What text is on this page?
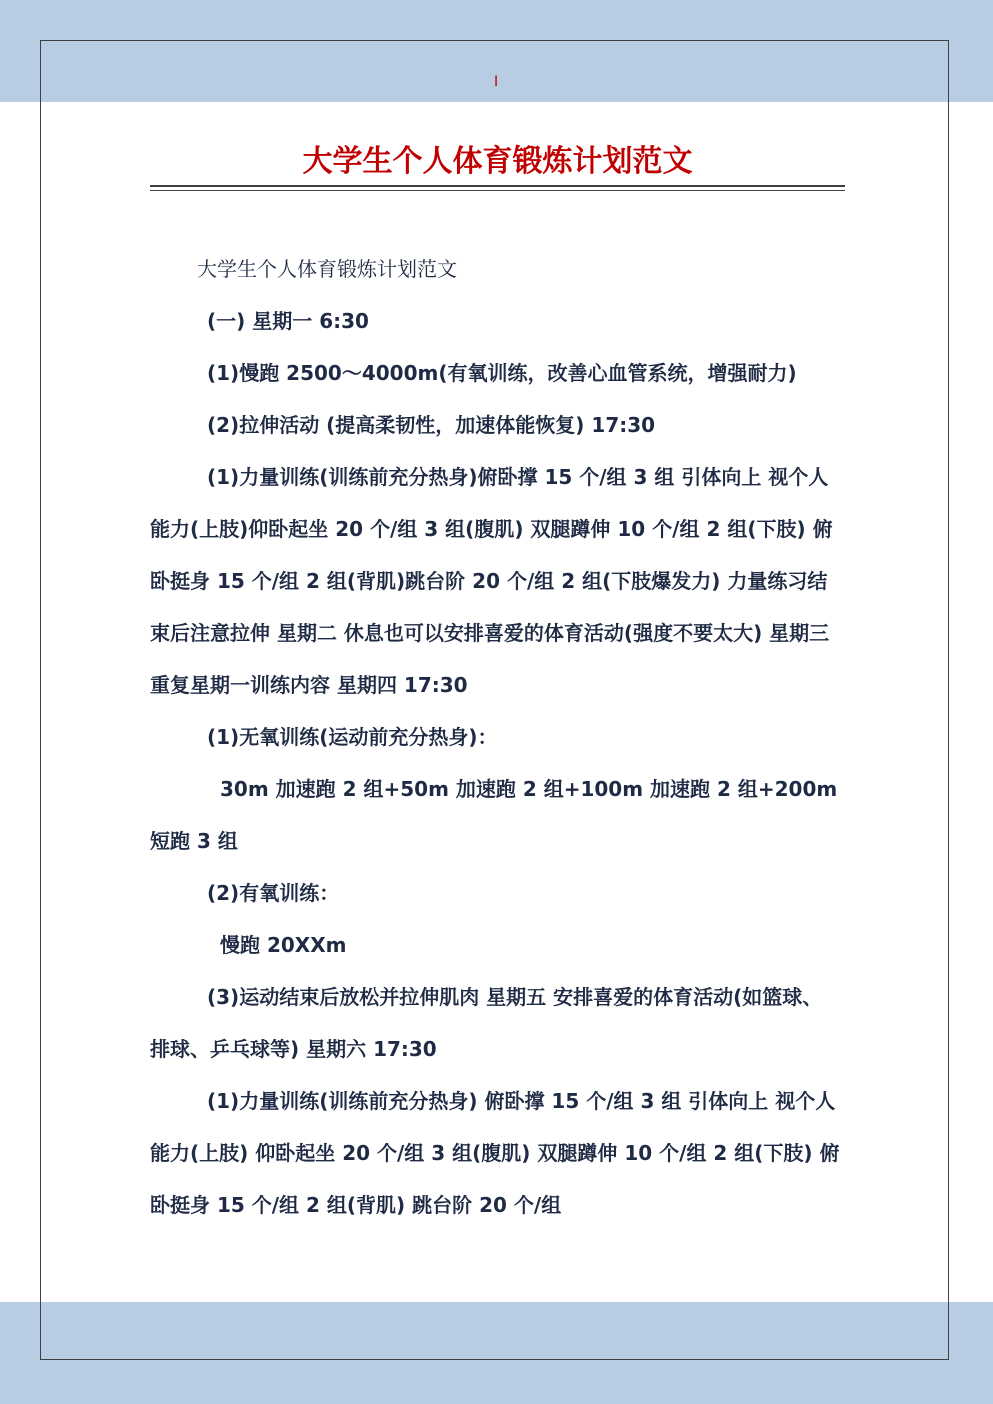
I
大学生个人体育锻炼计划范文

大学生个人体育锻炼计划范文

(一) 星期一 6:30

(1)慢跑 2500～4000m(有氧训练，改善心血管系统，增强耐力)

(2)拉伸活动 (提高柔韧性，加速体能恢复) 17:30

(1)力量训练(训练前充分热身)俯卧撑 15 个/组 3 组 引体向上 视个人能力(上肢)仰卧起坐 20 个/组 3 组(腹肌) 双腿蹲伸 10 个/组 2 组(下肢) 俯卧挺身 15 个/组 2 组(背肌)跳台阶 20 个/组 2 组(下肢爆发力) 力量练习结束后注意拉伸 星期二 休息也可以安排喜爱的体育活动(强度不要太大) 星期三 重复星期一训练内容 星期四 17:30

(1)无氧训练(运动前充分热身)：

30m 加速跑 2 组+50m 加速跑 2 组+100m 加速跑 2 组+200m 短跑 3 组

(2)有氧训练：

慢跑 20XXm

(3)运动结束后放松并拉伸肌肉 星期五 安排喜爱的体育活动(如篮球、排球、乒乓球等) 星期六 17:30

(1)力量训练(训练前充分热身) 俯卧撑 15 个/组 3 组 引体向上 视个人能力(上肢) 仰卧起坐 20 个/组 3 组(腹肌) 双腿蹲伸 10 个/组 2 组(下肢) 俯卧挺身 15 个/组 2 组(背肌) 跳台阶 20 个/组
